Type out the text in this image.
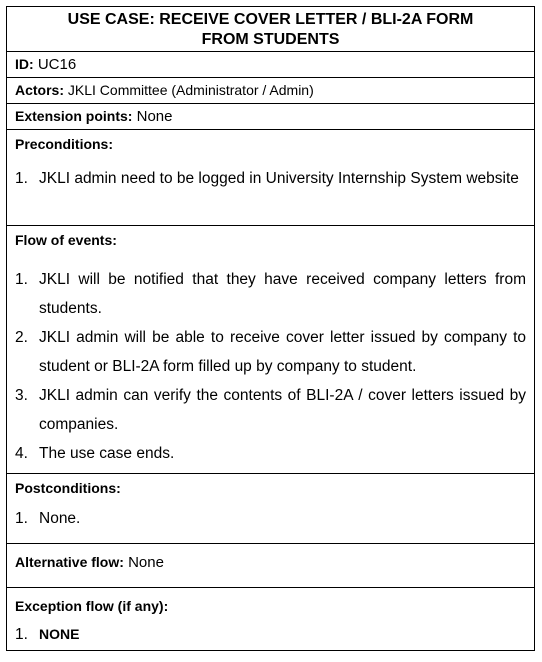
USE CASE: RECEIVE COVER LETTER / BLI-2A FORM FROM STUDENTS
ID: UC16
Actors: JKLI Committee (Administrator / Admin)
Extension points: None
Preconditions:
1. JKLI admin need to be logged in University Internship System website
Flow of events:
1. JKLI will be notified that they have received company letters from students.
2. JKLI admin will be able to receive cover letter issued by company to student or BLI-2A form filled up by company to student.
3. JKLI admin can verify the contents of BLI-2A / cover letters issued by companies.
4. The use case ends.
Postconditions:
1. None.
Alternative flow: None
Exception flow (if any):
1. NONE
